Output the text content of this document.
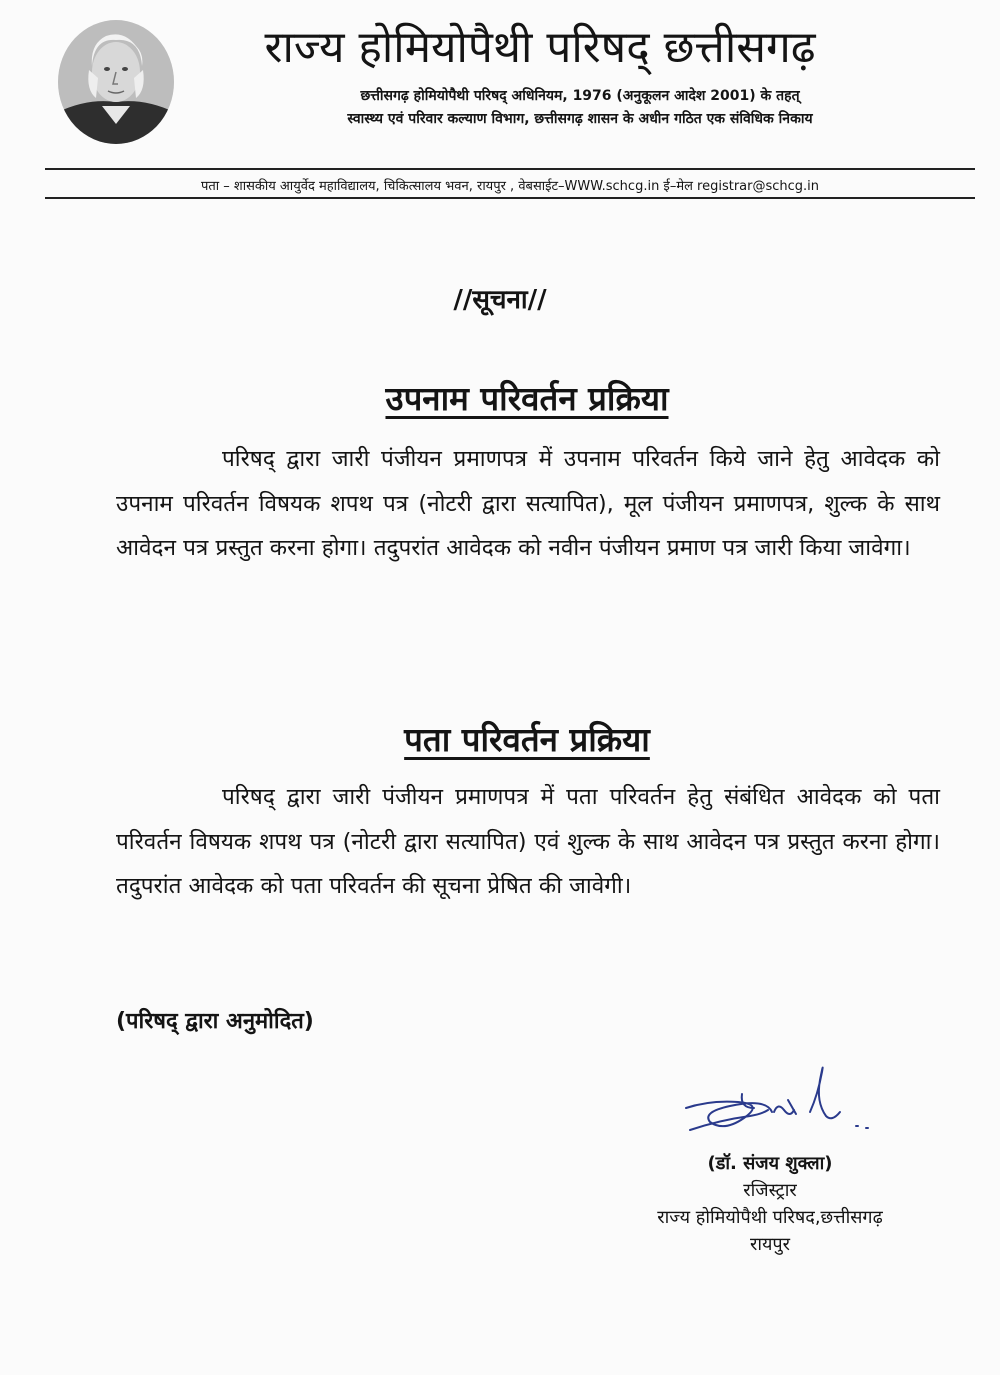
राज्य होमियोपैथी परिषद् छत्तीसगढ़
छत्तीसगढ़ होमियोपैथी परिषद् अधिनियम, 1976 (अनुकूलन आदेश 2001) के तहत्
स्वास्थ्य एवं परिवार कल्याण विभाग, छत्तीसगढ़ शासन के अधीन गठित एक संविधिक निकाय
पता – शासकीय आयुर्वेद महाविद्यालय, चिकित्सालय भवन, रायपुर , वेबसाईट–WWW.schcg.in ई–मेल registrar@schcg.in
//सूचना//
उपनाम परिवर्तन प्रक्रिया

परिषद् द्वारा जारी पंजीयन प्रमाणपत्र में उपनाम परिवर्तन किये जाने हेतु आवेदक को उपनाम परिवर्तन विषयक शपथ पत्र (नोटरी द्वारा सत्यापित), मूल पंजीयन प्रमाणपत्र, शुल्क के साथ आवेदन पत्र प्रस्तुत करना होगा। तदुपरांत आवेदक को नवीन पंजीयन प्रमाण पत्र जारी किया जावेगा।

पता परिवर्तन प्रक्रिया

परिषद् द्वारा जारी पंजीयन प्रमाणपत्र में पता परिवर्तन हेतु संबंधित आवेदक को पता परिवर्तन विषयक शपथ पत्र (नोटरी द्वारा सत्यापित) एवं शुल्क के साथ आवेदन पत्र प्रस्तुत करना होगा। तदुपरांत आवेदक को पता परिवर्तन की सूचना प्रेषित की जावेगी।

(परिषद् द्वारा अनुमोदित)
(डॉ. संजय शुक्ला)
रजिस्ट्रार
राज्य होमियोपैथी परिषद,छत्तीसगढ़
रायपुर
